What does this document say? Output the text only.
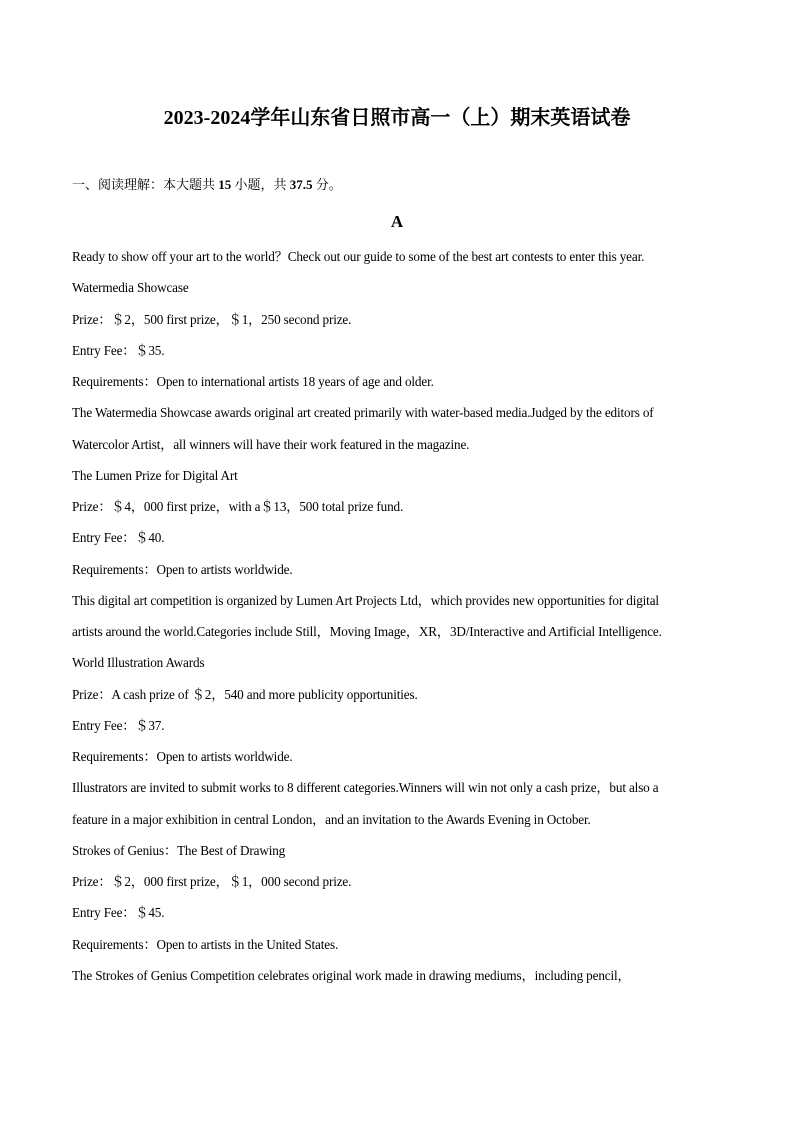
2023-2024学年山东省日照市高一（上）期末英语试卷
一、阅读理解：本大题共 15 小题，共 37.5 分。
A
Ready to show off your art to the world？Check out our guide to some of the best art contests to enter this year.
Watermedia Showcase
Prize：＄2，500 first prize，＄1，250 second prize.
Entry Fee：＄35.
Requirements：Open to international artists 18 years of age and older.
The Watermedia Showcase awards original art created primarily with water-based media.Judged by the editors of
Watercolor Artist，all winners will have their work featured in the magazine.
The Lumen Prize for Digital Art
Prize：＄4，000 first prize，with a＄13，500 total prize fund.
Entry Fee：＄40.
Requirements：Open to artists worldwide.
This digital art competition is organized by Lumen Art Projects Ltd，which provides new opportunities for digital
artists around the world.Categories include Still，Moving Image，XR，3D/Interactive and Artificial Intelligence.
World Illustration Awards
Prize：A cash prize of ＄2，540 and more publicity opportunities.
Entry Fee：＄37.
Requirements：Open to artists worldwide.
Illustrators are invited to submit works to 8 different categories.Winners will win not only a cash prize，but also a
feature in a major exhibition in central London，and an invitation to the Awards Evening in October.
Strokes of Genius：The Best of Drawing
Prize：＄2，000 first prize，＄1，000 second prize.
Entry Fee：＄45.
Requirements：Open to artists in the United States.
The Strokes of Genius Competition celebrates original work made in drawing mediums，including pencil，
